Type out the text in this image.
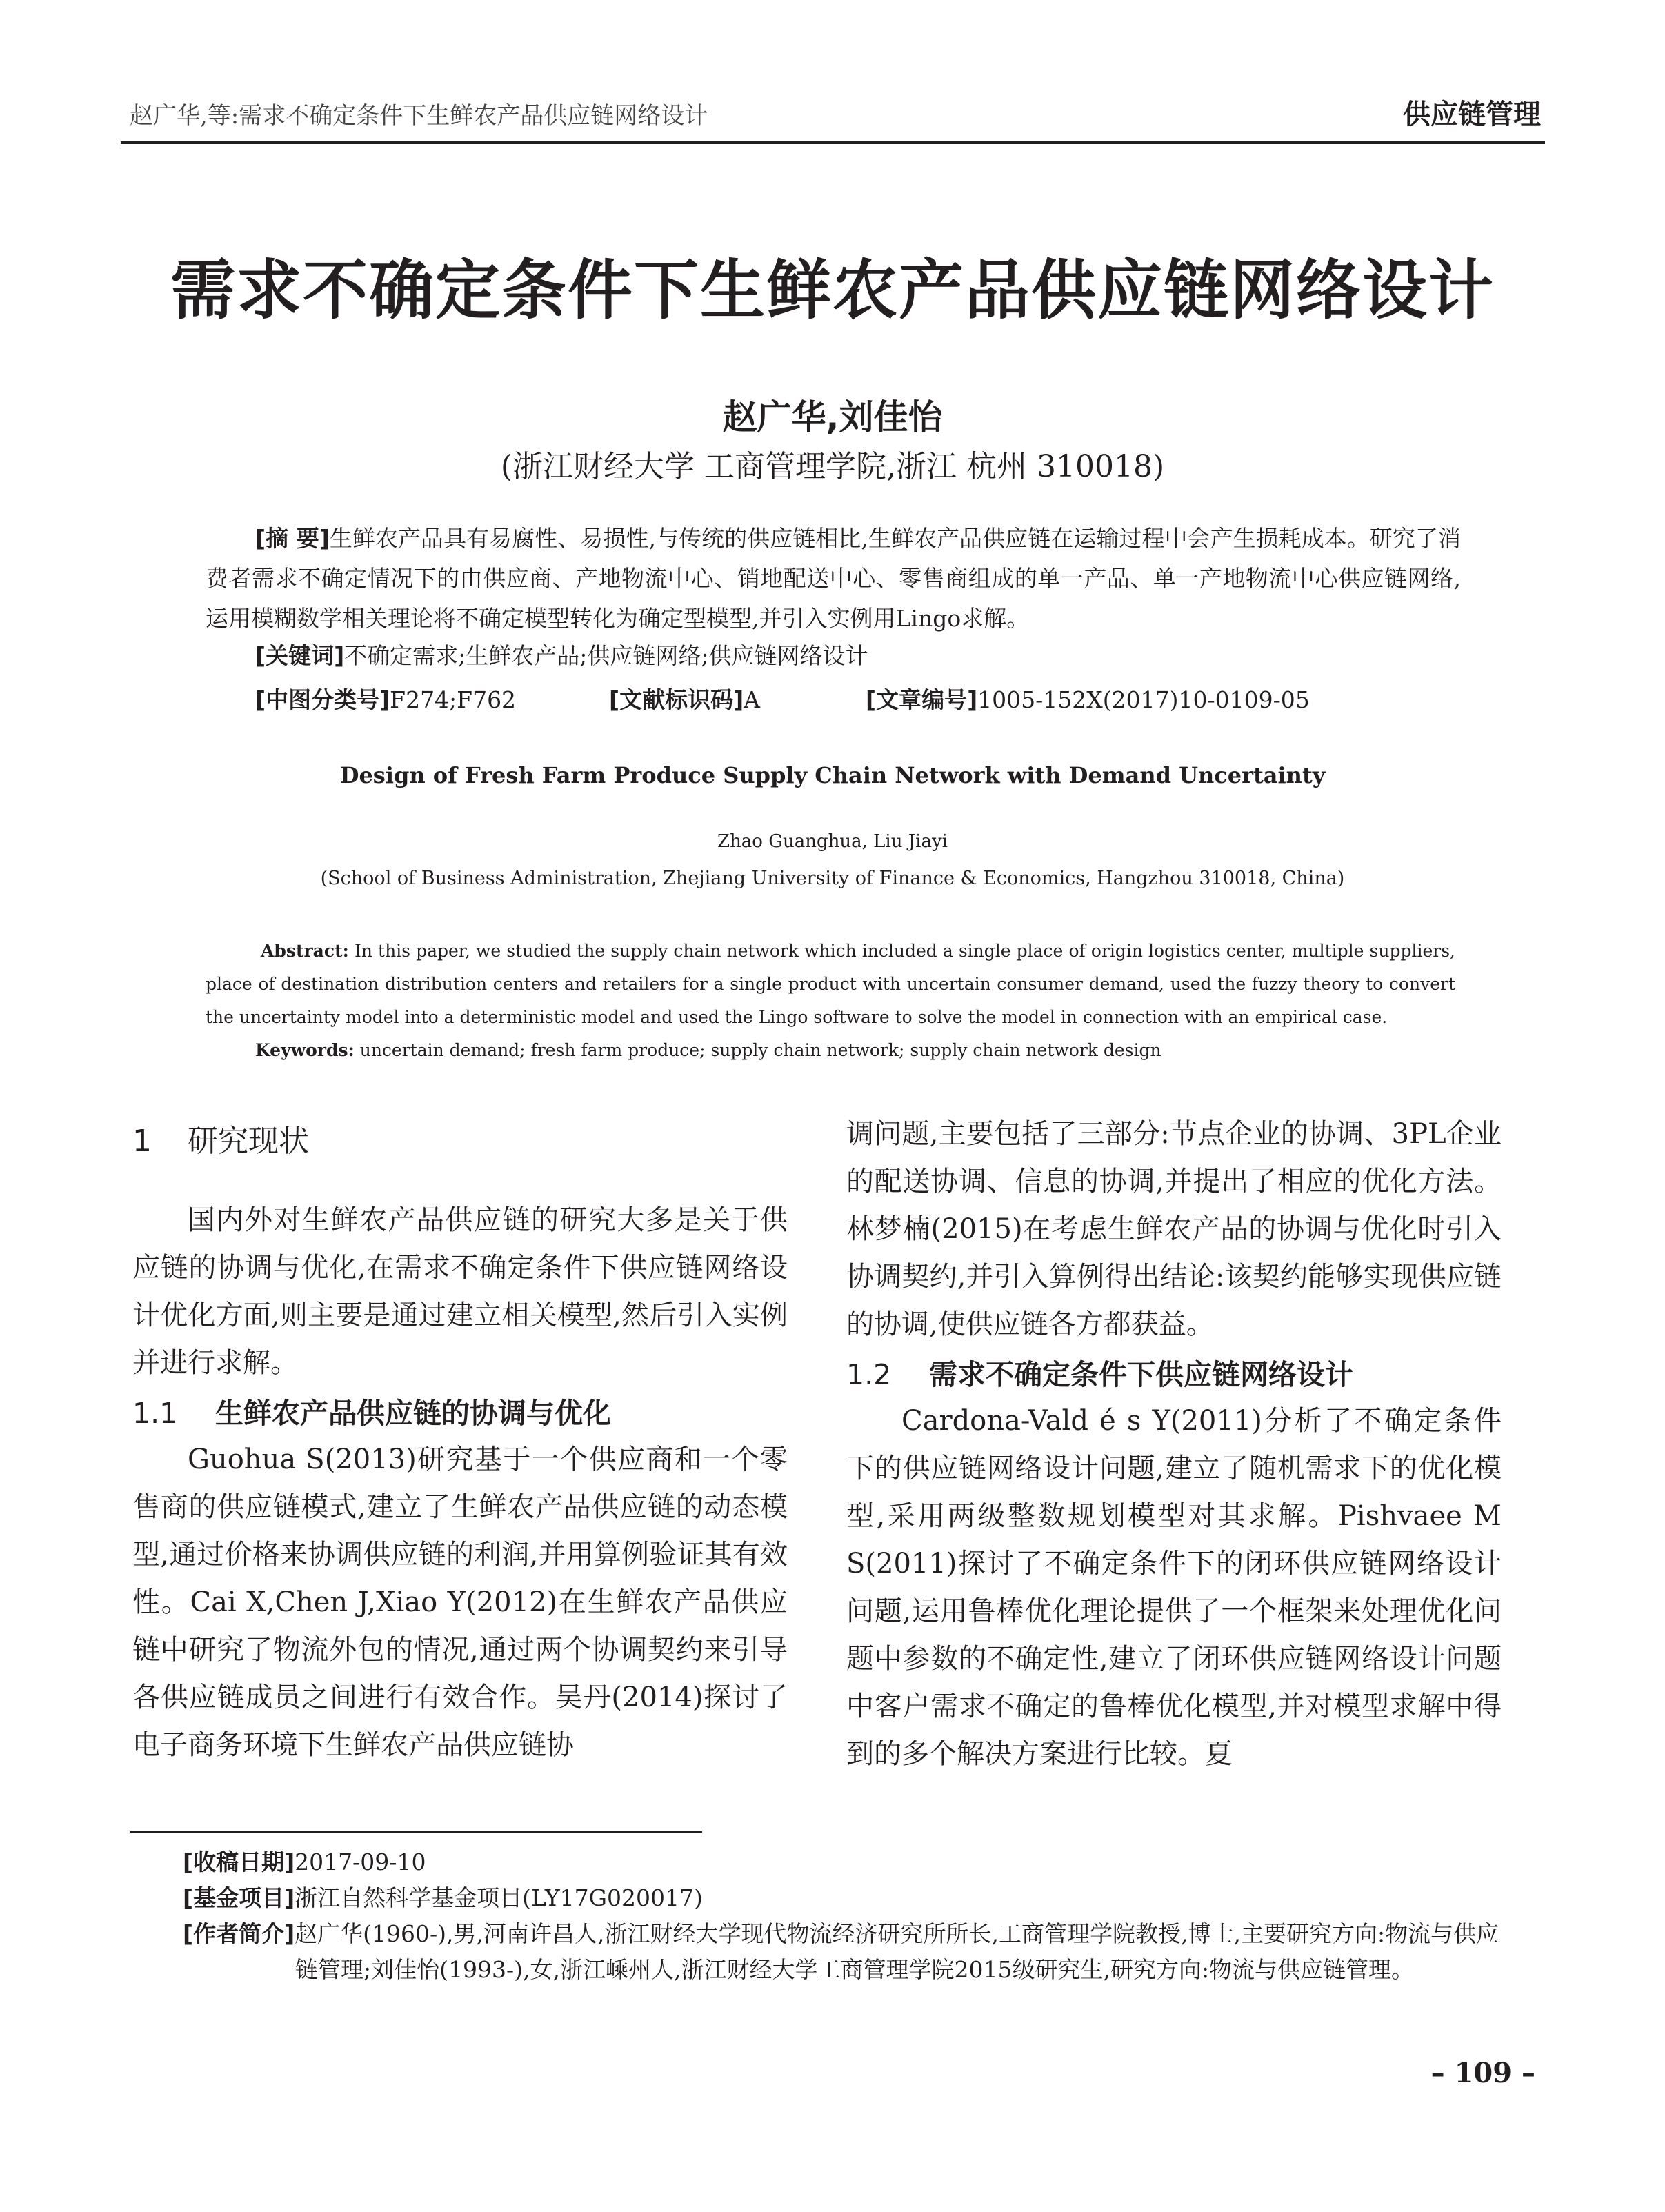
赵广华,等:需求不确定条件下生鲜农产品供应链网络设计	供应链管理
需求不确定条件下生鲜农产品供应链网络设计
赵广华,刘佳怡
(浙江财经大学 工商管理学院,浙江 杭州 310018)
[摘 要]生鲜农产品具有易腐性、易损性,与传统的供应链相比,生鲜农产品供应链在运输过程中会产生损耗成本。研究了消费者需求不确定情况下的由供应商、产地物流中心、销地配送中心、零售商组成的单一产品、单一产地物流中心供应链网络,运用模糊数学相关理论将不确定模型转化为确定型模型,并引入实例用Lingo求解。
[关键词]不确定需求;生鲜农产品;供应链网络;供应链网络设计
[中图分类号]F274;F762	[文献标识码]A	[文章编号]1005-152X(2017)10-0109-05
Design of Fresh Farm Produce Supply Chain Network with Demand Uncertainty
Zhao Guanghua, Liu Jiayi
(School of Business Administration, Zhejiang University of Finance & Economics, Hangzhou 310018, China)
Abstract: In this paper, we studied the supply chain network which included a single place of origin logistics center, multiple suppliers, place of destination distribution centers and retailers for a single product with uncertain consumer demand, used the fuzzy theory to convert the uncertainty model into a deterministic model and used the Lingo software to solve the model in connection with an empirical case.
Keywords: uncertain demand; fresh farm produce; supply chain network; supply chain network design
1 研究现状

国内外对生鲜农产品供应链的研究大多是关于供应链的协调与优化,在需求不确定条件下供应链网络设计优化方面,则主要是通过建立相关模型,然后引入实例并进行求解。

1.1 生鲜农产品供应链的协调与优化

Guohua S(2013)研究基于一个供应商和一个零售商的供应链模式,建立了生鲜农产品供应链的动态模型,通过价格来协调供应链的利润,并用算例验证其有效性。Cai X,Chen J,Xiao Y(2012)在生鲜农产品供应链中研究了物流外包的情况,通过两个协调契约来引导各供应链成员之间进行有效合作。吴丹(2014)探讨了电子商务环境下生鲜农产品供应链协

调问题,主要包括了三部分:节点企业的协调、3PL企业的配送协调、信息的协调,并提出了相应的优化方法。林梦楠(2015)在考虑生鲜农产品的协调与优化时引入协调契约,并引入算例得出结论:该契约能够实现供应链的协调,使供应链各方都获益。

1.2 需求不确定条件下供应链网络设计

Cardona-Vald é s Y(2011)分析了不确定条件下的供应链网络设计问题,建立了随机需求下的优化模型,采用两级整数规划模型对其求解。Pishvaee M S(2011)探讨了不确定条件下的闭环供应链网络设计问题,运用鲁棒优化理论提供了一个框架来处理优化问题中参数的不确定性,建立了闭环供应链网络设计问题中客户需求不确定的鲁棒优化模型,并对模型求解中得到的多个解决方案进行比较。夏

[收稿日期]2017-09-10

[基金项目]浙江自然科学基金项目(LY17G020017)

[作者简介]赵广华(1960-),男,河南许昌人,浙江财经大学现代物流经济研究所所长,工商管理学院教授,博士,主要研究方向:物流与供应链管理;刘佳怡(1993-),女,浙江嵊州人,浙江财经大学工商管理学院2015级研究生,研究方向:物流与供应链管理。

– 109 –
